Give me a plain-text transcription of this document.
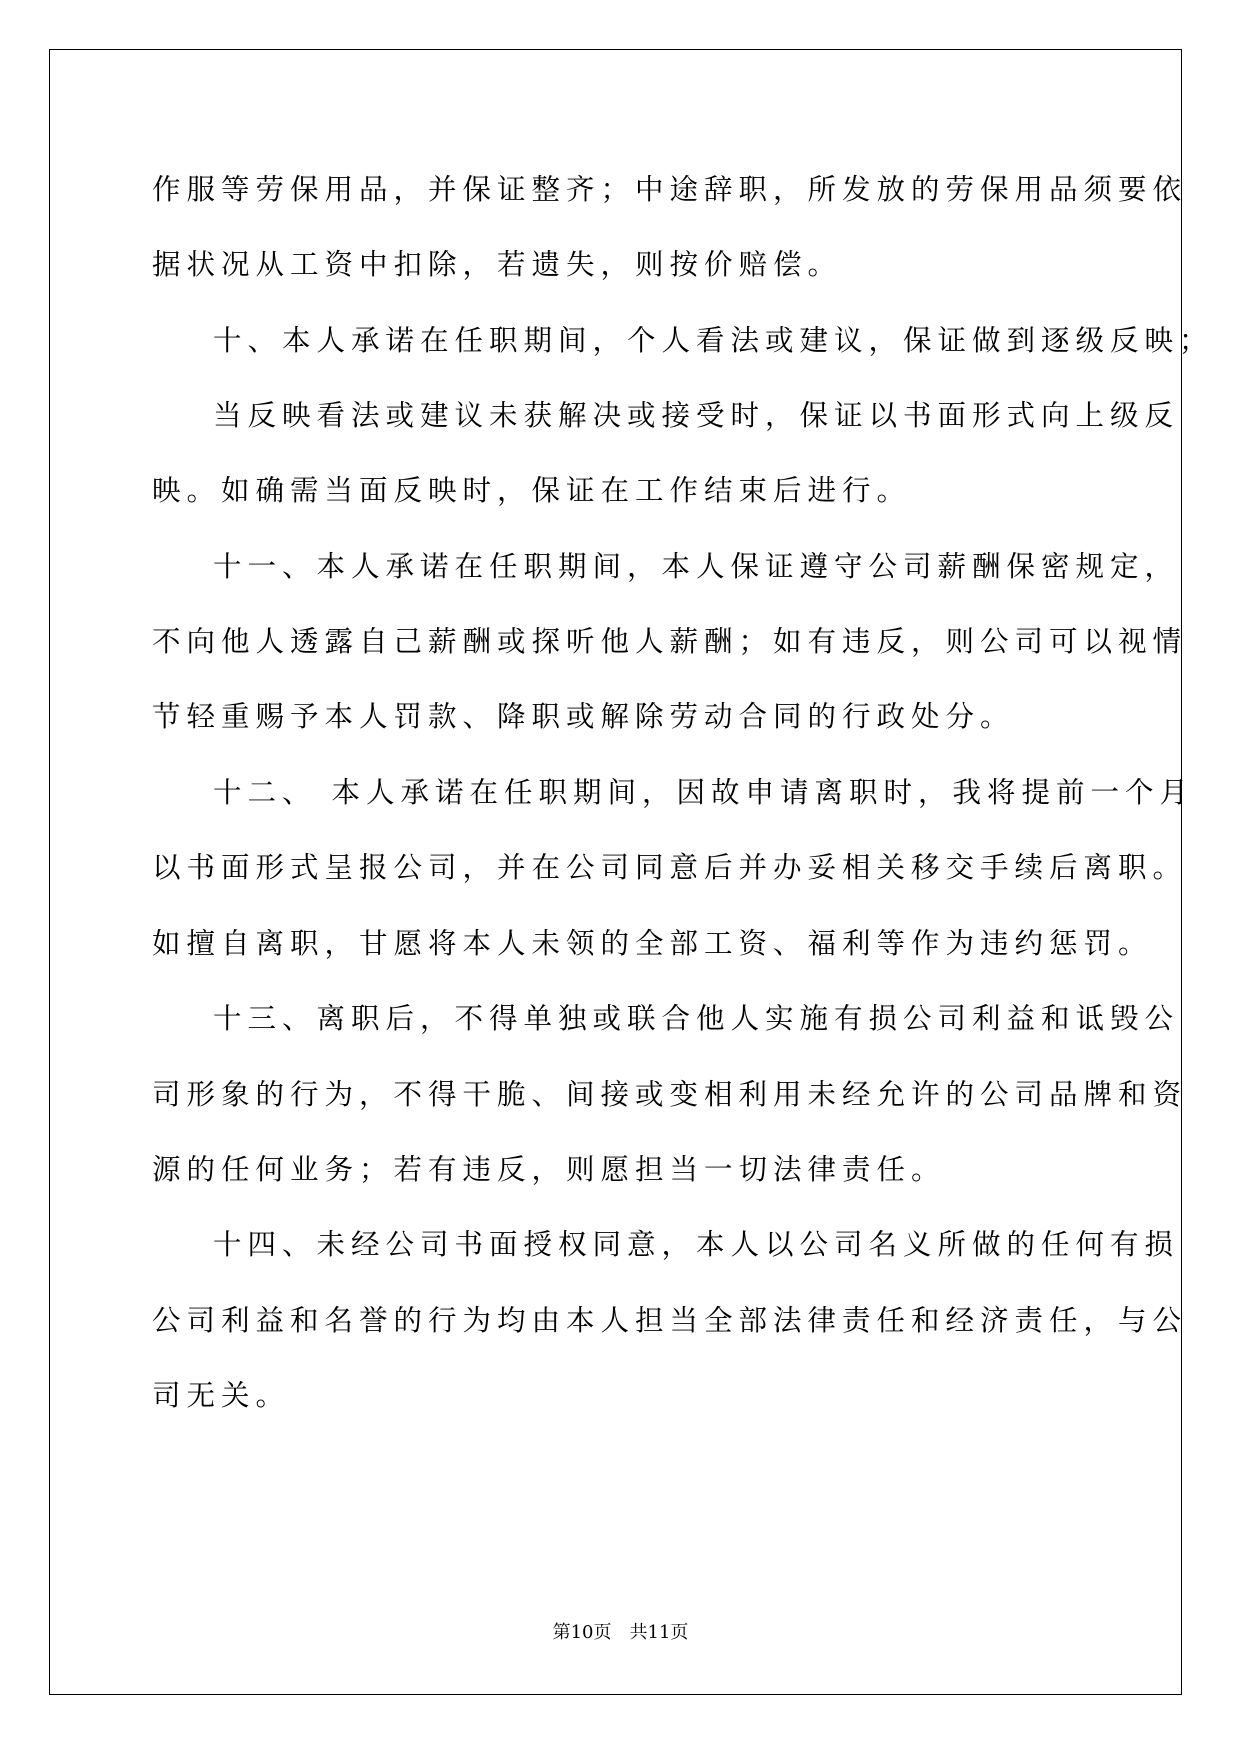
作服等劳保用品，并保证整齐；中途辞职，所发放的劳保用品须要依
据状况从工资中扣除，若遗失，则按价赔偿。
十、本人承诺在任职期间，个人看法或建议，保证做到逐级反映；
当反映看法或建议未获解决或接受时，保证以书面形式向上级反
映。如确需当面反映时，保证在工作结束后进行。
十一、本人承诺在任职期间，本人保证遵守公司薪酬保密规定，
不向他人透露自己薪酬或探听他人薪酬；如有违反，则公司可以视情
节轻重赐予本人罚款、降职或解除劳动合同的行政处分。
十二、 本人承诺在任职期间，因故申请离职时，我将提前一个月
以书面形式呈报公司，并在公司同意后并办妥相关移交手续后离职。
如擅自离职，甘愿将本人未领的全部工资、福利等作为违约惩罚。
十三、离职后，不得单独或联合他人实施有损公司利益和诋毁公
司形象的行为，不得干脆、间接或变相利用未经允许的公司品牌和资
源的任何业务；若有违反，则愿担当一切法律责任。
十四、未经公司书面授权同意，本人以公司名义所做的任何有损
公司利益和名誉的行为均由本人担当全部法律责任和经济责任，与公
司无关。
第10页　共11页
